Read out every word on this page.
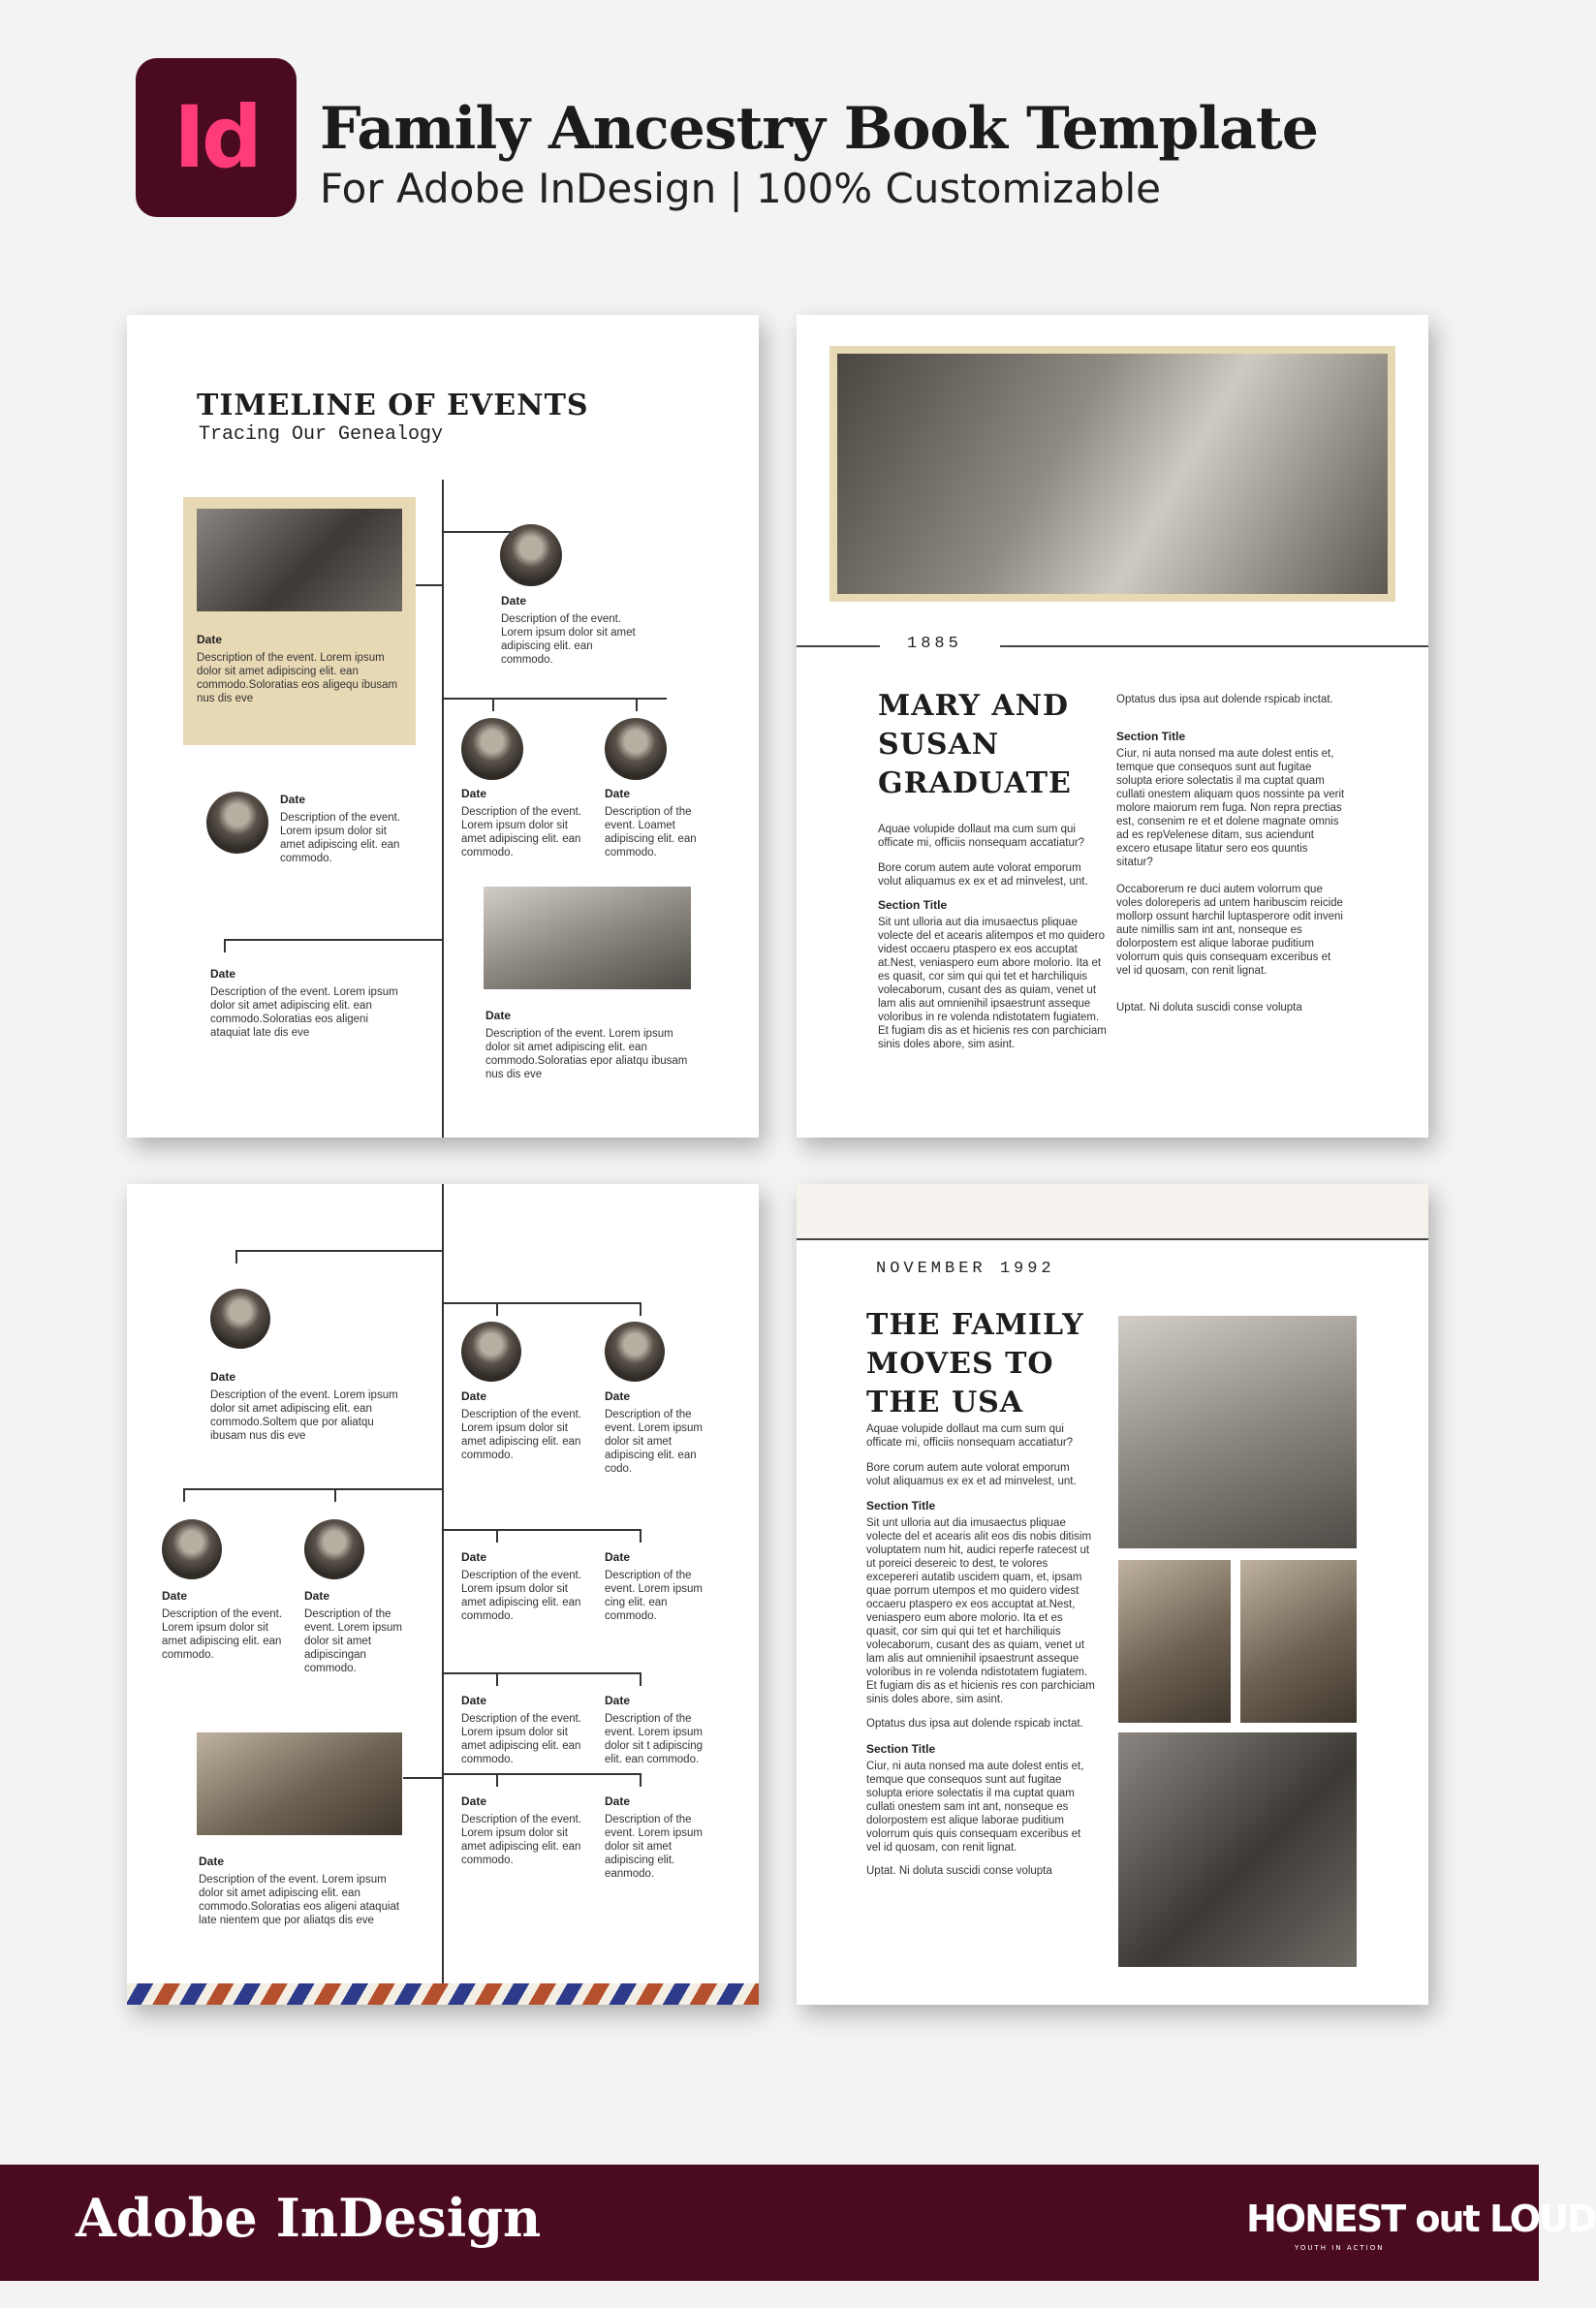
Id	Family Ancestry Book Template
For Adobe InDesign | 100% Customizable
TIMELINE OF EVENTS
Tracing Our Genealogy
Date
Description of the event. Lorem ipsum dolor sit amet adipiscing elit. ean commodo.Soloratias eos aligequ ibusam nus dis eve
Date
Description of the event. Lorem ipsum dolor sit amet adipiscing elit. ean commodo.
Date
Description of the event. Lorem ipsum dolor sit amet adipiscing elit. ean commodo.
Date
Description of the event. Loamet adipiscing elit. ean commodo.
Date
Description of the event. Lorem ipsum dolor sit amet adipiscing elit. ean commodo.
Date
Description of the event. Lorem ipsum dolor sit amet adipiscing elit. ean commodo.Soloratias eos aligeni ataquiat late dis eve
Date
Description of the event. Lorem ipsum dolor sit amet adipiscing elit. ean commodo.Soloratias epor aliatqu ibusam nus dis eve
1885
MARY AND
SUSAN
GRADUATE
Aquae volupide dollaut ma cum sum qui officate mi, officiis nonsequam accatiatur?
Bore corum autem aute volorat emporum volut aliquamus ex ex et ad minvelest, unt.
Section Title
Sit unt ulloria aut dia imusaectus pliquae volecte del et acearis alitempos et mo quidero videst occaeru ptaspero ex eos accuptat at.Nest, veniaspero eum abore molorio. Ita et es quasit, cor sim qui qui tet et harchiliquis volecaborum, cusant des as quiam, venet ut lam alis aut omnienihil ipsaestrunt asseque voloribus in re volenda ndistotatem fugiatem. Et fugiam dis as et hicienis res con parchiciam sinis doles abore, sim asint.
Optatus dus ipsa aut dolende rspicab inctat.
Section Title
Ciur, ni auta nonsed ma aute dolest entis et, temque que consequos sunt aut fugitae solupta eriore solectatis il ma cuptat quam cullati onestem aliquam quos nossinte pa verit molore maiorum rem fuga. Non repra prectias est, consenim re et et dolene magnate omnis ad es repVelenese ditam, sus aciendunt excero etusape litatur sero eos quuntis sitatur?
Occaborerum re duci autem volorrum que voles doloreperis ad untem haribuscim reicide mollorp ossunt harchil luptasperore odit inveni aute nimillis sam int ant, nonseque es dolorpostem est alique laborae puditium volorrum quis quis consequam exceribus et vel id quosam, con renit lignat.
Uptat. Ni doluta suscidi conse volupta
Date
Description of the event. Lorem ipsum dolor sit amet adipiscing elit. ean commodo.Soltem que por aliatqu ibusam nus dis eve
Date
Description of the event. Lorem ipsum dolor sit amet adipiscing elit. ean commodo.
Date
Description of the event. Lorem ipsum dolor sit amet adipiscing elit. ean codo.
Date
Description of the event. Lorem ipsum dolor sit amet adipiscing elit. ean commodo.
Date
Description of the event. Lorem ipsum dolor sit amet adipiscingan commodo.
Date
Description of the event. Lorem ipsum dolor sit amet adipiscing elit. ean commodo.
Date
Description of the event. Lorem ipsum cing elit. ean commodo.
Date
Description of the event. Lorem ipsum dolor sit amet adipiscing elit. ean commodo.
Date
Description of the event. Lorem ipsum dolor sit t adipiscing elit. ean commodo.
Date
Description of the event. Lorem ipsum dolor sit amet adipiscing elit. ean commodo.
Date
Description of the event. Lorem ipsum dolor sit amet adipiscing elit. eanmodo.
Date
Description of the event. Lorem ipsum dolor sit amet adipiscing elit. ean commodo.Soloratias eos aligeni ataquiat late nientem que por aliatqs dis eve
NOVEMBER 1992
THE FAMILY
MOVES TO
THE USA
Aquae volupide dollaut ma cum sum qui officate mi, officiis nonsequam accatiatur?
Bore corum autem aute volorat emporum volut aliquamus ex ex et ad minvelest, unt.
Section Title
Sit unt ulloria aut dia imusaectus pliquae volecte del et acearis alit eos dis nobis ditisim voluptatem num hit, audici reperfe ratecest ut ut poreici desereic to dest, te volores excepereri autatib uscidem quam, et, ipsam quae porrum utempos et mo quidero videst occaeru ptaspero ex eos accuptat at.Nest, veniaspero eum abore molorio. Ita et es quasit, cor sim qui qui tet et harchiliquis volecaborum, cusant des as quiam, venet ut lam alis aut omnienihil ipsaestrunt asseque voloribus in re volenda ndistotatem fugiatem. Et fugiam dis as et hicienis res con parchiciam sinis doles abore, sim asint.
Optatus dus ipsa aut dolende rspicab inctat.
Section Title
Ciur, ni auta nonsed ma aute dolest entis et, temque que consequos sunt aut fugitae solupta eriore solectatis il ma cuptat quam cullati onestem sam int ant, nonseque es dolorpostem est alique laborae puditium volorrum quis quis consequam exceribus et vel id quosam, con renit lignat.
Uptat. Ni doluta suscidi conse volupta
Adobe InDesign	HONEST out LOUD
YOUTH IN ACTION
